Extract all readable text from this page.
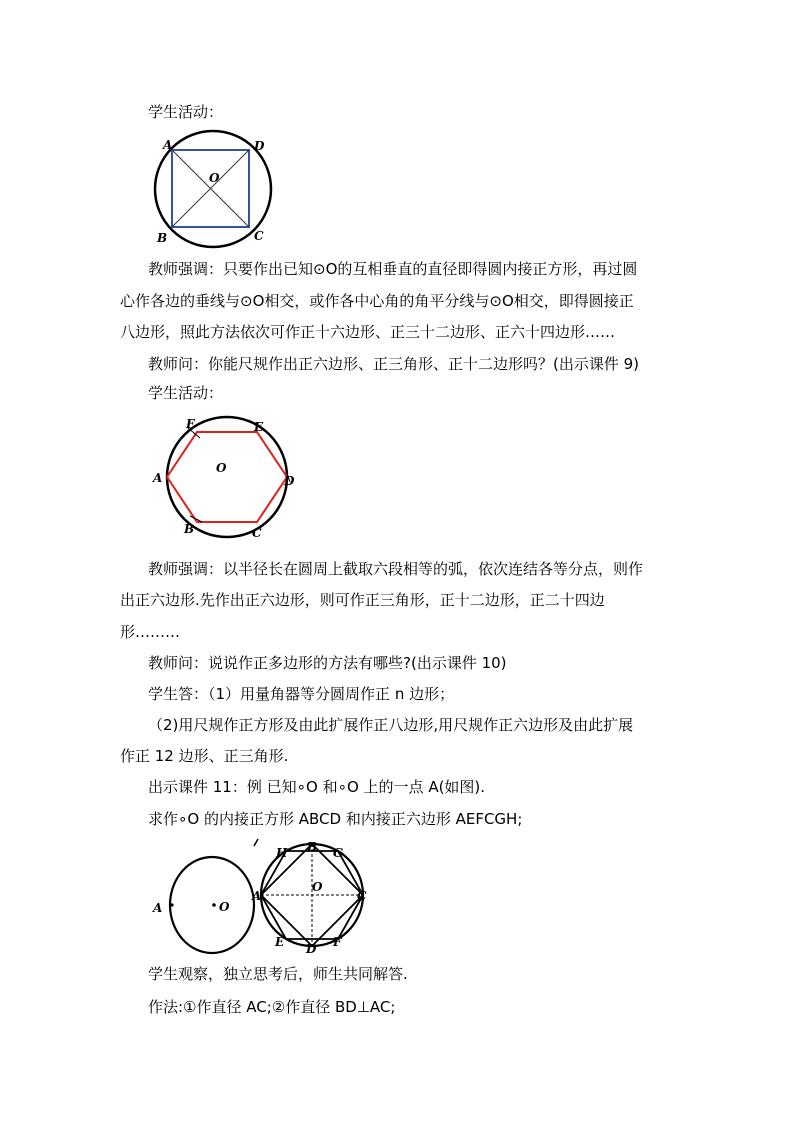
学生活动：
A	D
O
B	C
教师强调：只要作出已知⊙O的互相垂直的直径即得圆内接正方形，再过圆
心作各边的垂线与⊙O相交，或作各中心角的角平分线与⊙O相交，即得圆接正
八边形，照此方法依次可作正十六边形、正三十二边形、正六十四边形……
教师问：你能尺规作出正六边形、正三角形、正十二边形吗？(出示课件 9)
学生活动：
F	E
O
A	D
B	C
教师强调：以半径长在圆周上截取六段相等的弧，依次连结各等分点，则作
出正六边形.先作出正六边形，则可作正三角形，正十二边形，正二十四边
形………
教师问：说说作正多边形的方法有哪些?(出示课件 10)
学生答：（1）用量角器等分圆周作正 n 边形；
（2)用尺规作正方形及由此扩展作正八边形,用尺规作正六边形及由此扩展
作正 12 边形、正三角形.
出示课件 11：例 已知∘O 和∘O 上的一点 A(如图).
求作∘O 的内接正方形 ABCD 和内接正六边形 AEFCGH;
A	O
H B G
A
O
C
E D F
学生观察，独立思考后，师生共同解答.
作法:①作直径 AC;②作直径 BD⊥AC;
